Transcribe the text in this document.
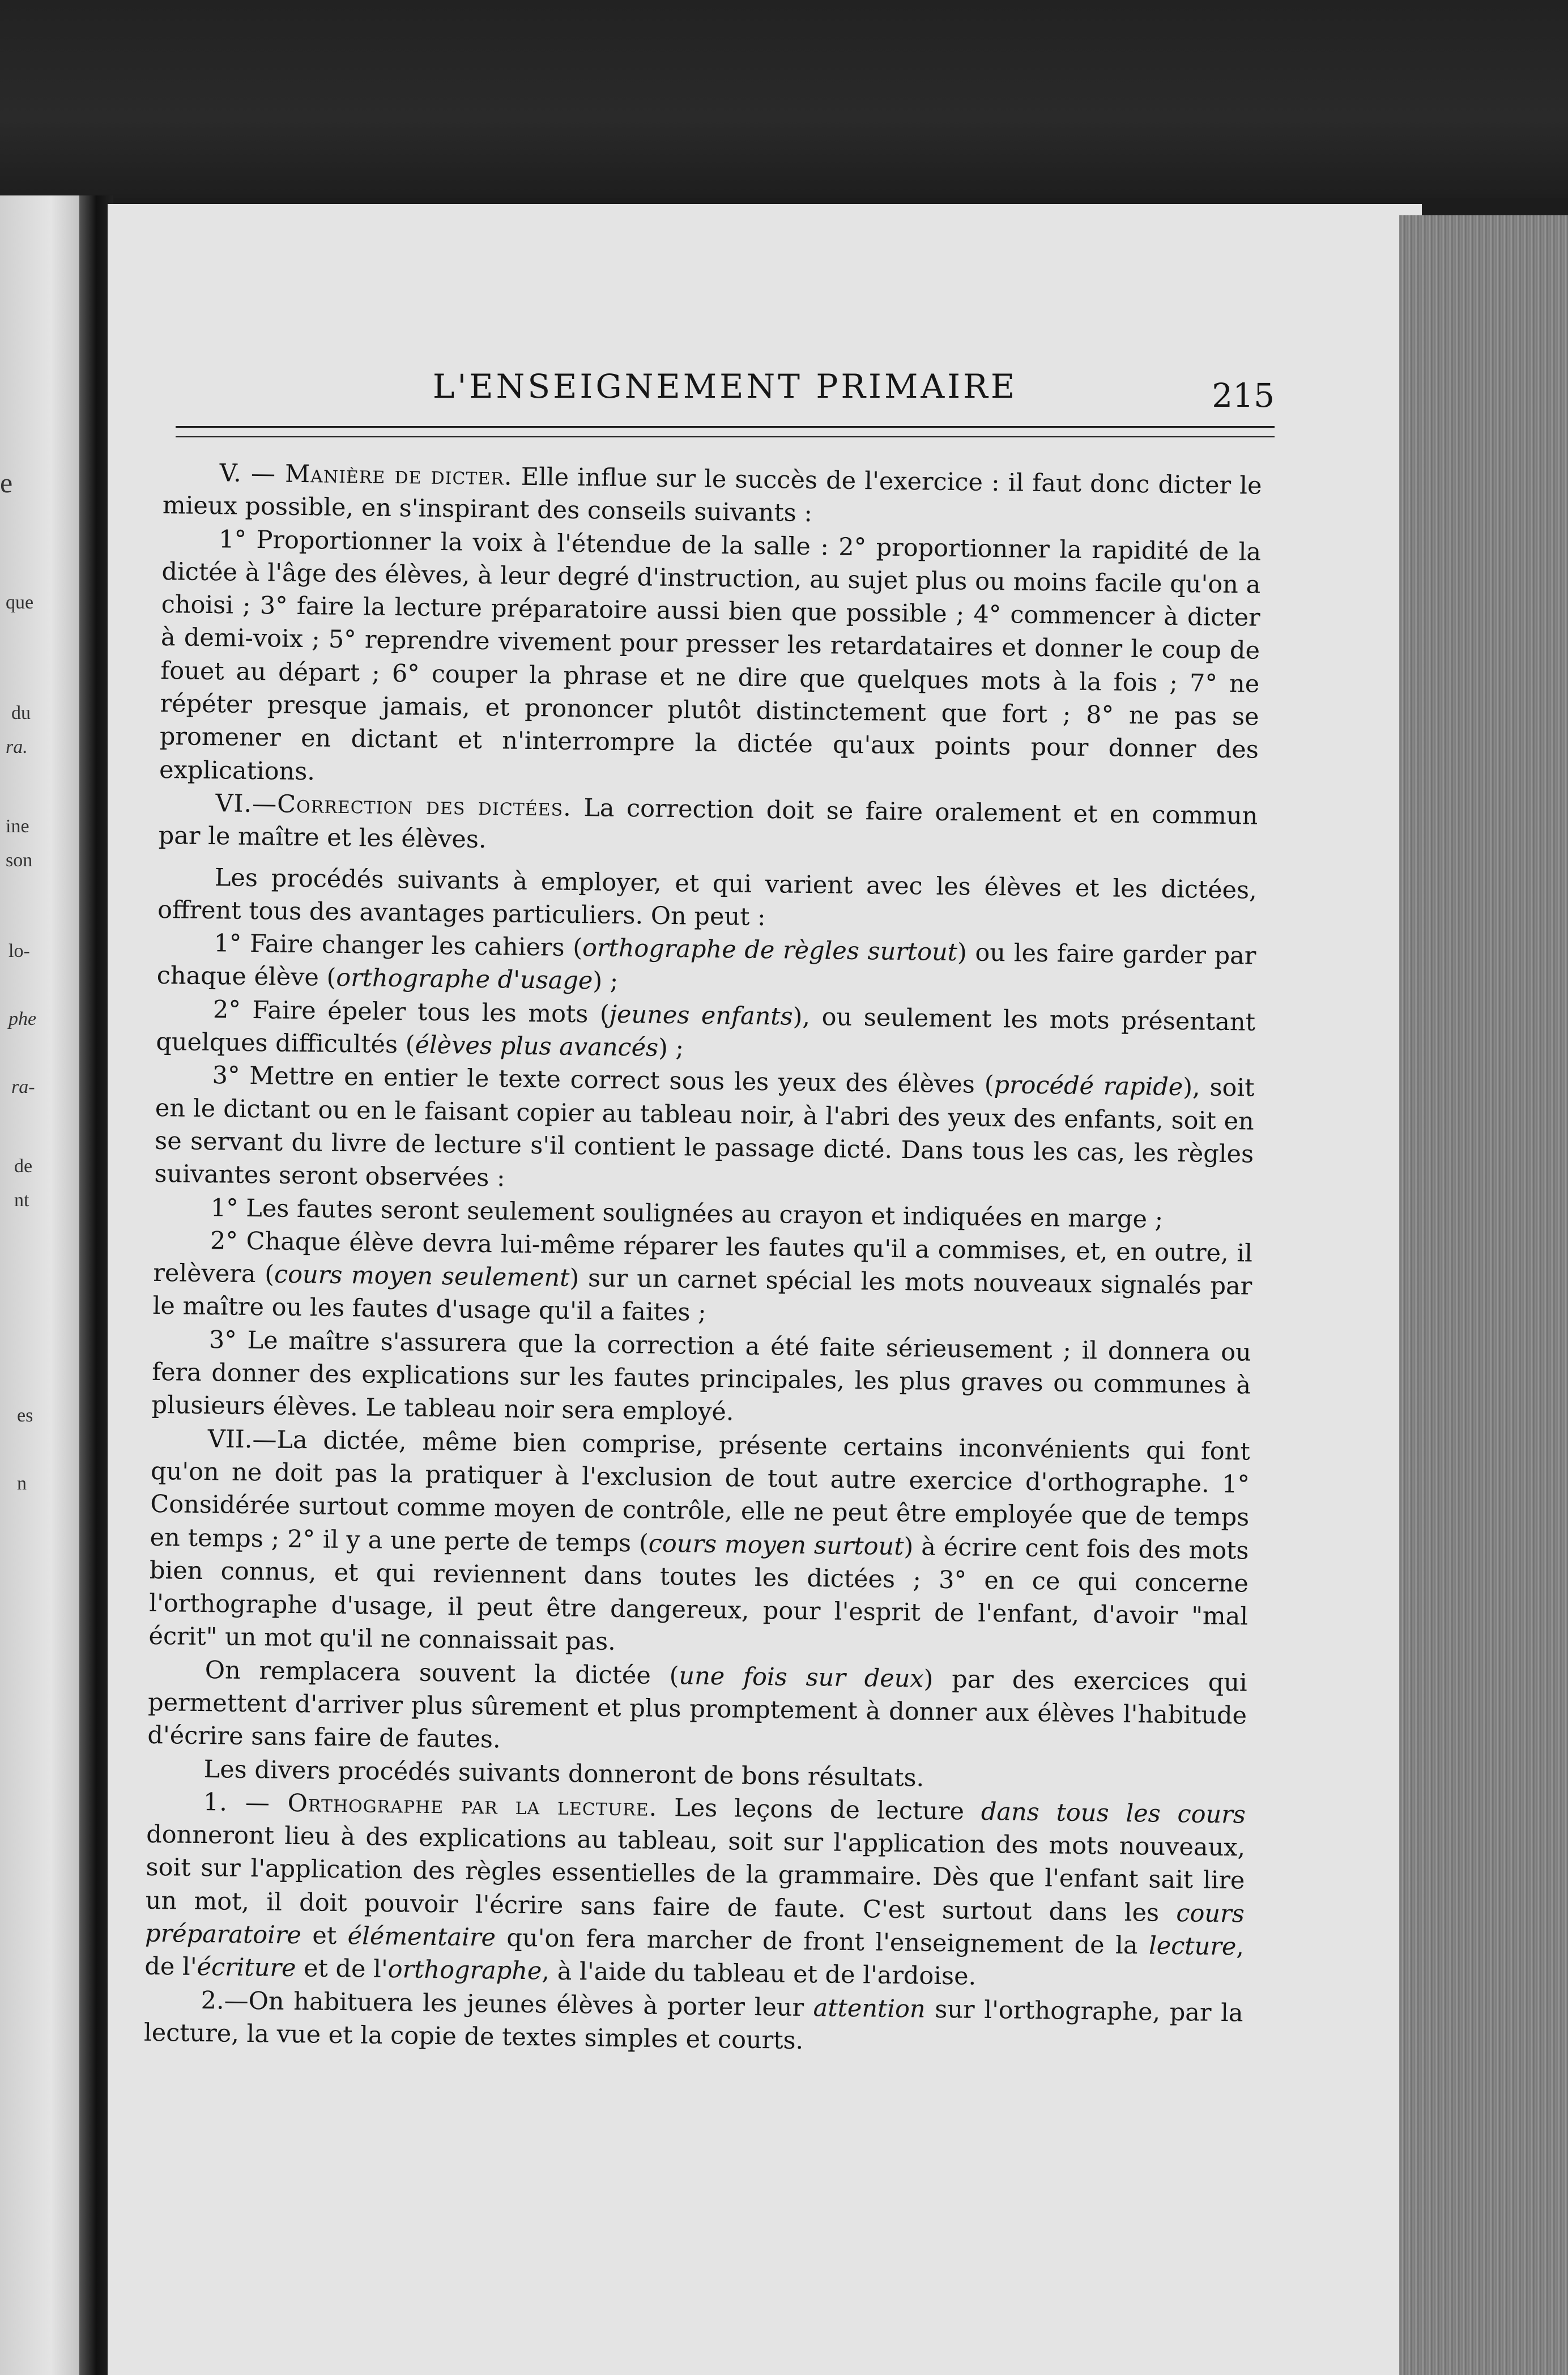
e
que
du
ra.
ine
son
lo-
phe
ra-
de
nt
es
n
L'ENSEIGNEMENT PRIMAIRE	215

V. — Manière de dicter. Elle influe sur le succès de l'exercice : il faut donc dicter le mieux possible, en s'inspirant des conseils suivants :

1° Proportionner la voix à l'étendue de la salle : 2° proportionner la rapidité de la dictée à l'âge des élèves, à leur degré d'instruction, au sujet plus ou moins facile qu'on a choisi ; 3° faire la lecture préparatoire aussi bien que possible ; 4° commencer à dicter à demi-voix ; 5° reprendre vivement pour presser les retardataires et donner le coup de fouet au départ ; 6° couper la phrase et ne dire que quelques mots à la fois ; 7° ne répéter presque jamais, et prononcer plutôt distinctement que fort ; 8° ne pas se promener en dictant et n'interrompre la dictée qu'aux points pour donner des explications.

VI.—Correction des dictées. La correction doit se faire oralement et en commun par le maître et les élèves.

Les procédés suivants à employer, et qui varient avec les élèves et les dictées, offrent tous des avantages particuliers. On peut :

1° Faire changer les cahiers (orthographe de règles surtout) ou les faire garder par chaque élève (orthographe d'usage) ;

2° Faire épeler tous les mots (jeunes enfants), ou seulement les mots présentant quelques difficultés (élèves plus avancés) ;

3° Mettre en entier le texte correct sous les yeux des élèves (procédé rapide), soit en le dictant ou en le faisant copier au tableau noir, à l'abri des yeux des enfants, soit en se servant du livre de lecture s'il contient le passage dicté. Dans tous les cas, les règles suivantes seront observées :

1° Les fautes seront seulement soulignées au crayon et indiquées en marge ;

2° Chaque élève devra lui-même réparer les fautes qu'il a commises, et, en outre, il relèvera (cours moyen seulement) sur un carnet spécial les mots nouveaux signalés par le maître ou les fautes d'usage qu'il a faites ;

3° Le maître s'assurera que la correction a été faite sérieusement ; il donnera ou fera donner des explications sur les fautes principales, les plus graves ou communes à plusieurs élèves. Le tableau noir sera employé.

VII.—La dictée, même bien comprise, présente certains inconvénients qui font qu'on ne doit pas la pratiquer à l'exclusion de tout autre exercice d'orthographe. 1° Considérée surtout comme moyen de contrôle, elle ne peut être employée que de temps en temps ; 2° il y a une perte de temps (cours moyen surtout) à écrire cent fois des mots bien connus, et qui reviennent dans toutes les dictées ; 3° en ce qui concerne l'orthographe d'usage, il peut être dangereux, pour l'esprit de l'enfant, d'avoir "mal écrit" un mot qu'il ne connaissait pas.

On remplacera souvent la dictée (une fois sur deux) par des exercices qui permettent d'arriver plus sûrement et plus promptement à donner aux élèves l'habitude d'écrire sans faire de fautes.

Les divers procédés suivants donneront de bons résultats.

1. — Orthographe par la lecture. Les leçons de lecture dans tous les cours donneront lieu à des explications au tableau, soit sur l'application des mots nouveaux, soit sur l'application des règles essentielles de la grammaire. Dès que l'enfant sait lire un mot, il doit pouvoir l'écrire sans faire de faute. C'est surtout dans les cours préparatoire et élémentaire qu'on fera marcher de front l'enseignement de la lecture, de l'écriture et de l'orthographe, à l'aide du tableau et de l'ardoise.

2.—On habituera les jeunes élèves à porter leur attention sur l'orthographe, par la lecture, la vue et la copie de textes simples et courts.
